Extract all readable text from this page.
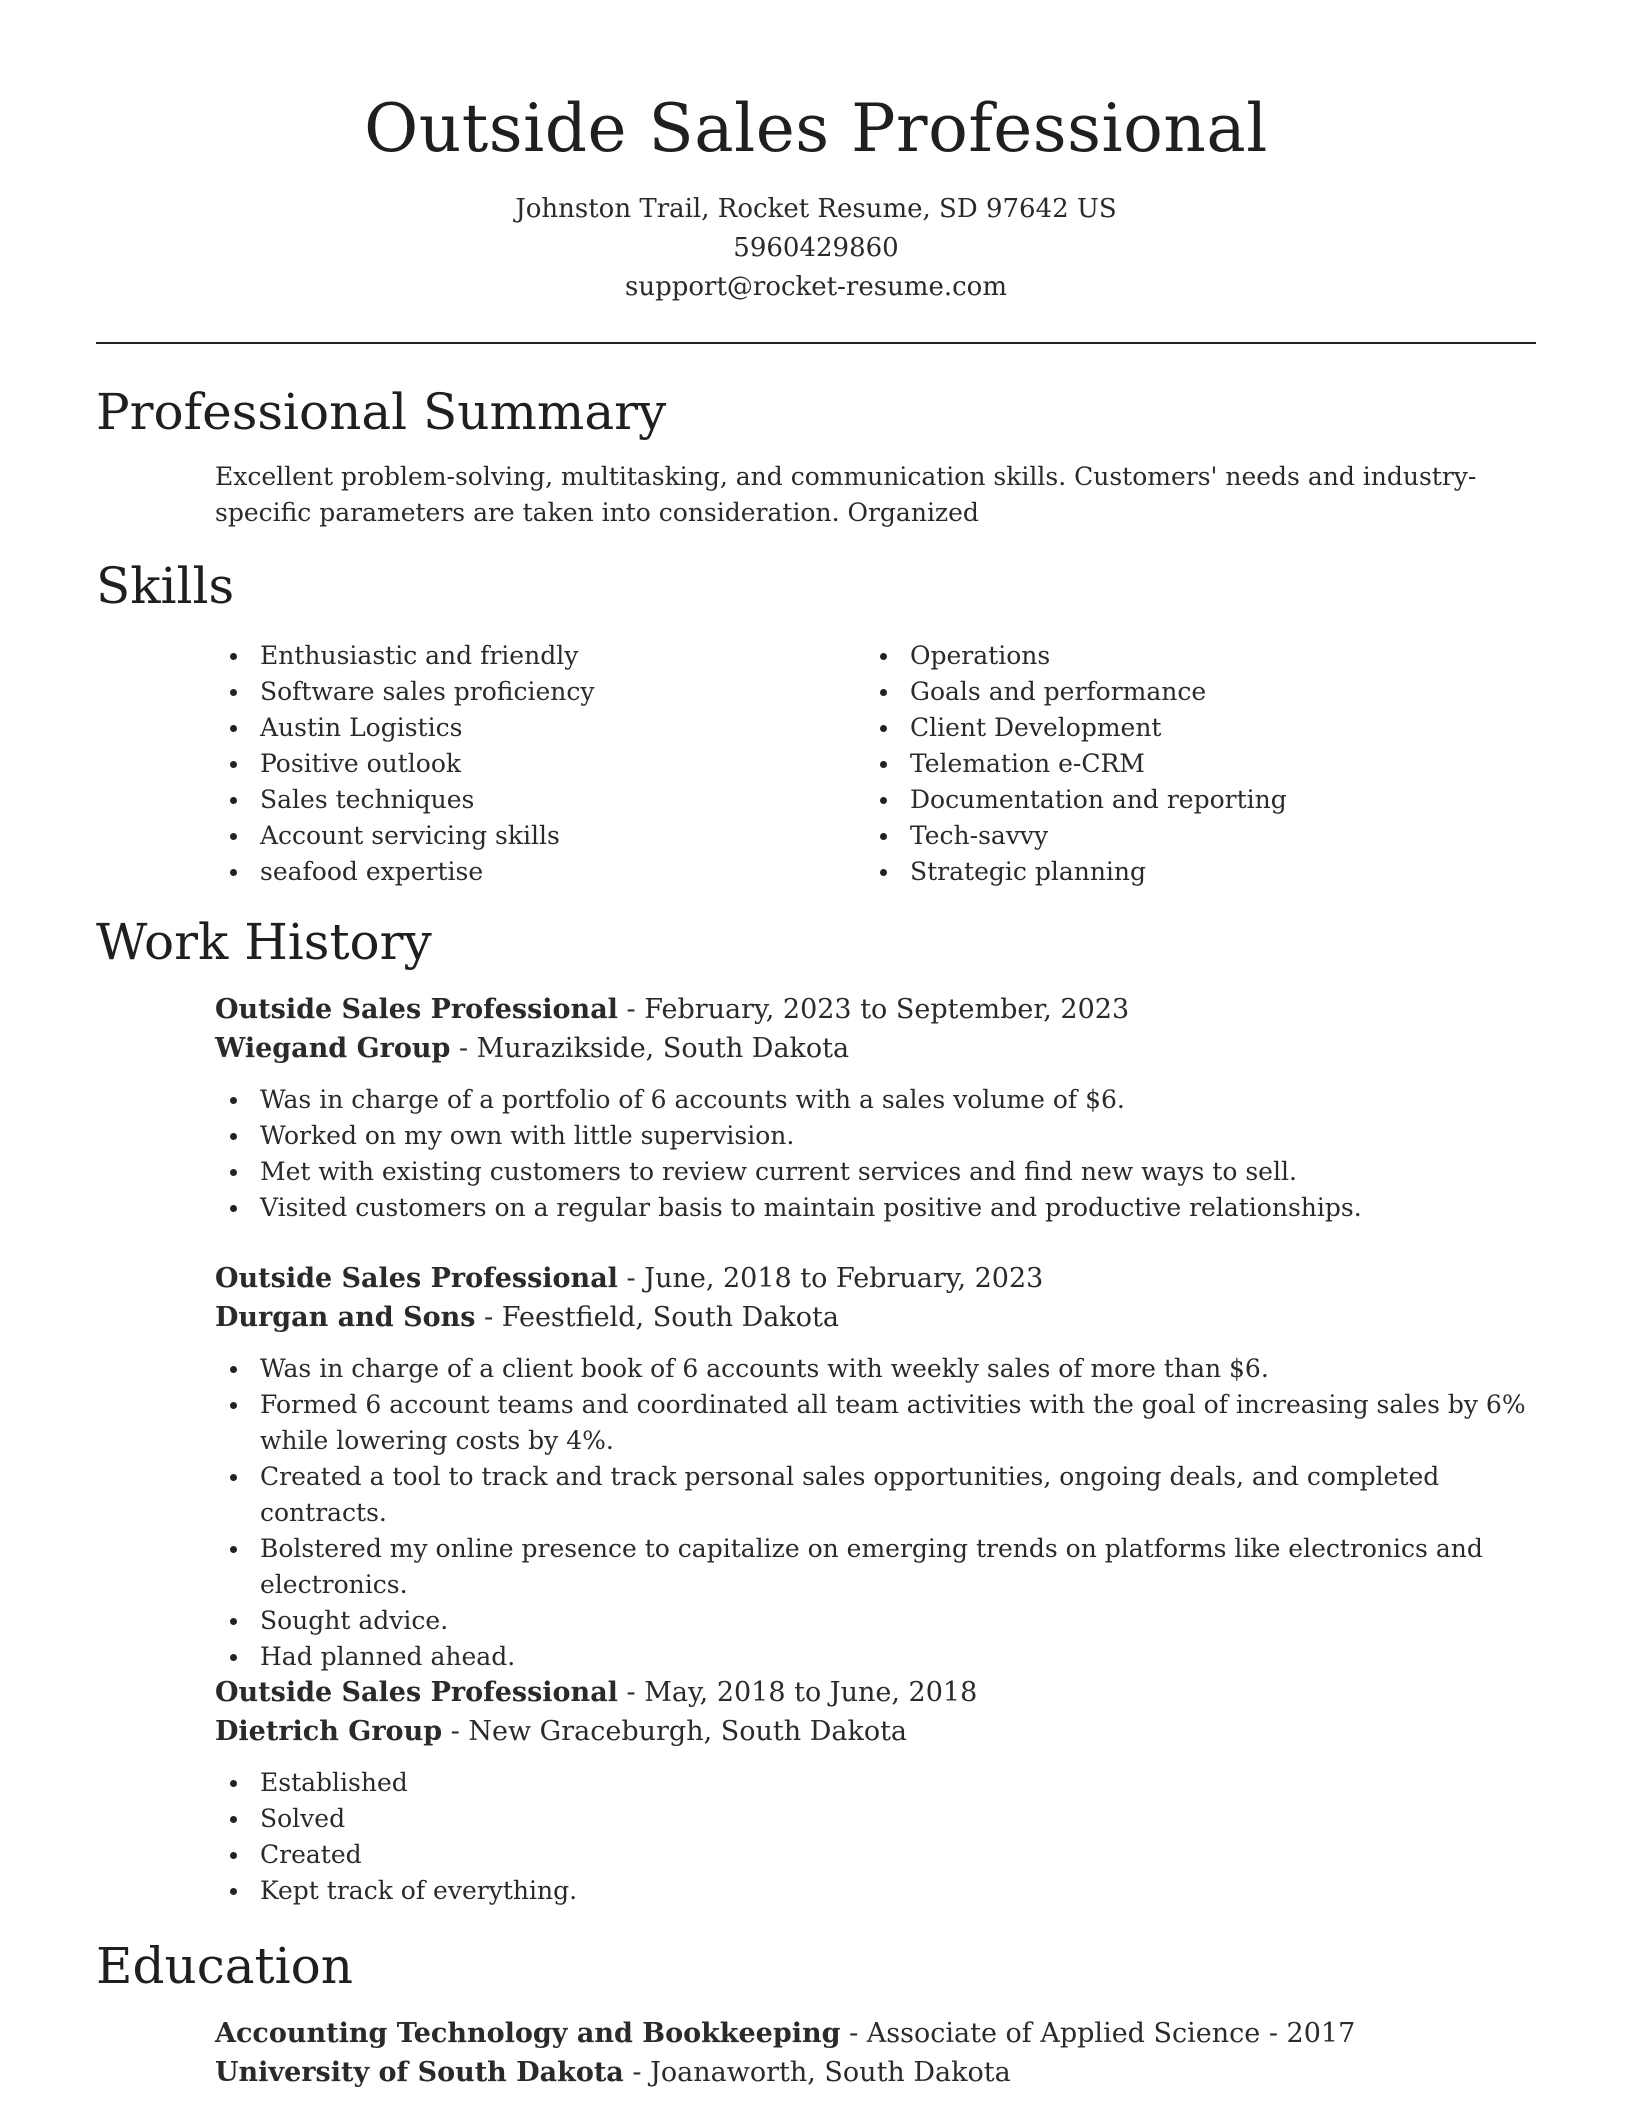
Outside Sales Professional
Johnston Trail, Rocket Resume, SD 97642 US
5960429860
support@rocket-resume.com
Professional Summary

Excellent problem-solving, multitasking, and communication skills. Customers' needs and industry-specific parameters are taken into consideration. Organized

Skills
Enthusiastic and friendly
Software sales proficiency
Austin Logistics
Positive outlook
Sales techniques
Account servicing skills
seafood expertise
Operations
Goals and performance
Client Development
Telemation e-CRM
Documentation and reporting
Tech-savvy
Strategic planning
Work History
Outside Sales Professional - February, 2023 to September, 2023
Wiegand Group - Murazikside, South Dakota
Was in charge of a portfolio of 6 accounts with a sales volume of $6.
Worked on my own with little supervision.
Met with existing customers to review current services and find new ways to sell.
Visited customers on a regular basis to maintain positive and productive relationships.
Outside Sales Professional - June, 2018 to February, 2023
Durgan and Sons - Feestfield, South Dakota
Was in charge of a client book of 6 accounts with weekly sales of more than $6.
Formed 6 account teams and coordinated all team activities with the goal of increasing sales by 6% while lowering costs by 4%.
Created a tool to track and track personal sales opportunities, ongoing deals, and completed contracts.
Bolstered my online presence to capitalize on emerging trends on platforms like electronics and electronics.
Sought advice.
Had planned ahead.
Outside Sales Professional - May, 2018 to June, 2018
Dietrich Group - New Graceburgh, South Dakota
Established
Solved
Created
Kept track of everything.
Education
Accounting Technology and Bookkeeping - Associate of Applied Science - 2017
University of South Dakota - Joanaworth, South Dakota
